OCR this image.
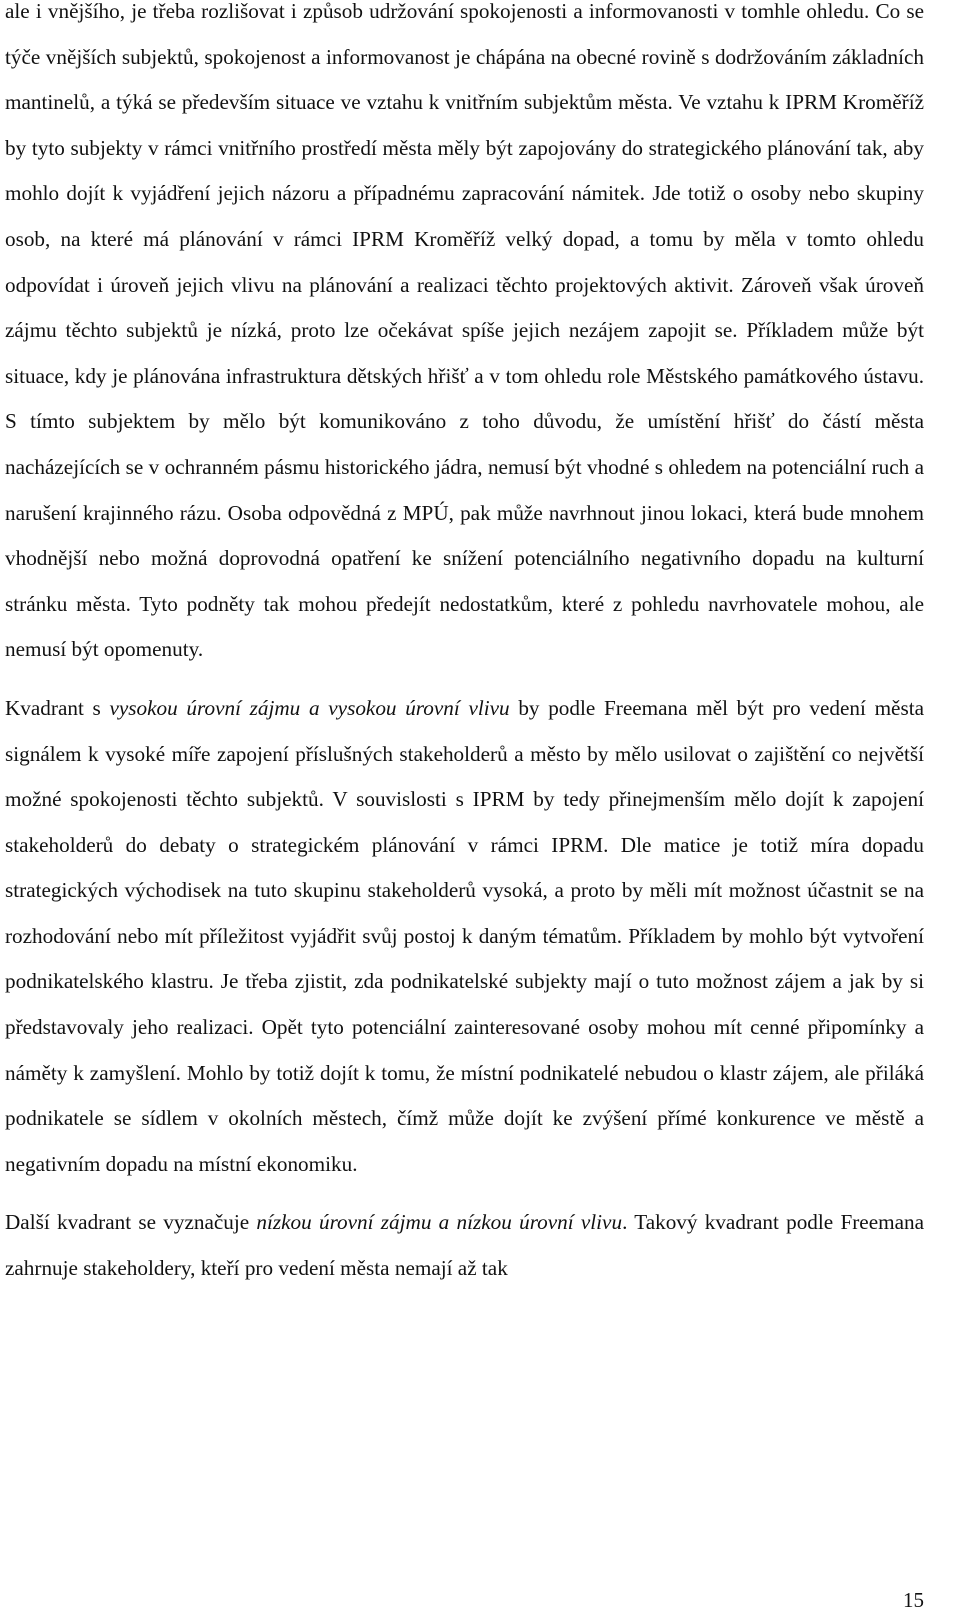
ale i vnějšího, je třeba rozlišovat i způsob udržování spokojenosti a informovanosti v tomhle ohledu. Co se týče vnějších subjektů, spokojenost a informovanost je chápána na obecné rovině s dodržováním základních mantinelů, a týká se především situace ve vztahu k vnitřním subjektům města. Ve vztahu k IPRM Kroměříž by tyto subjekty v rámci vnitřního prostředí města měly být zapojovány do strategického plánování tak, aby mohlo dojít k vyjádření jejich názoru a případnému zapracování námitek. Jde totiž o osoby nebo skupiny osob, na které má plánování v rámci IPRM Kroměříž velký dopad, a tomu by měla v tomto ohledu odpovídat i úroveň jejich vlivu na plánování a realizaci těchto projektových aktivit. Zároveň však úroveň zájmu těchto subjektů je nízká, proto lze očekávat spíše jejich nezájem zapojit se. Příkladem může být situace, kdy je plánována infrastruktura dětských hřišť a v tom ohledu role Městského památkového ústavu. S tímto subjektem by mělo být komunikováno z toho důvodu, že umístění hřišť do částí města nacházejících se v ochranném pásmu historického jádra, nemusí být vhodné s ohledem na potenciální ruch a narušení krajinného rázu. Osoba odpovědná z MPÚ, pak může navrhnout jinou lokaci, která bude mnohem vhodnější nebo možná doprovodná opatření ke snížení potenciálního negativního dopadu na kulturní stránku města. Tyto podněty tak mohou předejít nedostatkům, které z pohledu navrhovatele mohou, ale nemusí být opomenuty.

Kvadrant s vysokou úrovní zájmu a vysokou úrovní vlivu by podle Freemana měl být pro vedení města signálem k vysoké míře zapojení příslušných stakeholderů a město by mělo usilovat o zajištění co největší možné spokojenosti těchto subjektů. V souvislosti s IPRM by tedy přinejmenším mělo dojít k zapojení stakeholderů do debaty o strategickém plánování v rámci IPRM. Dle matice je totiž míra dopadu strategických východisek na tuto skupinu stakeholderů vysoká, a proto by měli mít možnost účastnit se na rozhodování nebo mít příležitost vyjádřit svůj postoj k daným tématům. Příkladem by mohlo být vytvoření podnikatelského klastru. Je třeba zjistit, zda podnikatelské subjekty mají o tuto možnost zájem a jak by si představovaly jeho realizaci. Opět tyto potenciální zainteresované osoby mohou mít cenné připomínky a náměty k zamyšlení. Mohlo by totiž dojít k tomu, že místní podnikatelé nebudou o klastr zájem, ale přiláká podnikatele se sídlem v okolních městech, čímž může dojít ke zvýšení přímé konkurence ve městě a negativním dopadu na místní ekonomiku.

Další kvadrant se vyznačuje nízkou úrovní zájmu a nízkou úrovní vlivu. Takový kvadrant podle Freemana zahrnuje stakeholdery, kteří pro vedení města nemají až tak

15
